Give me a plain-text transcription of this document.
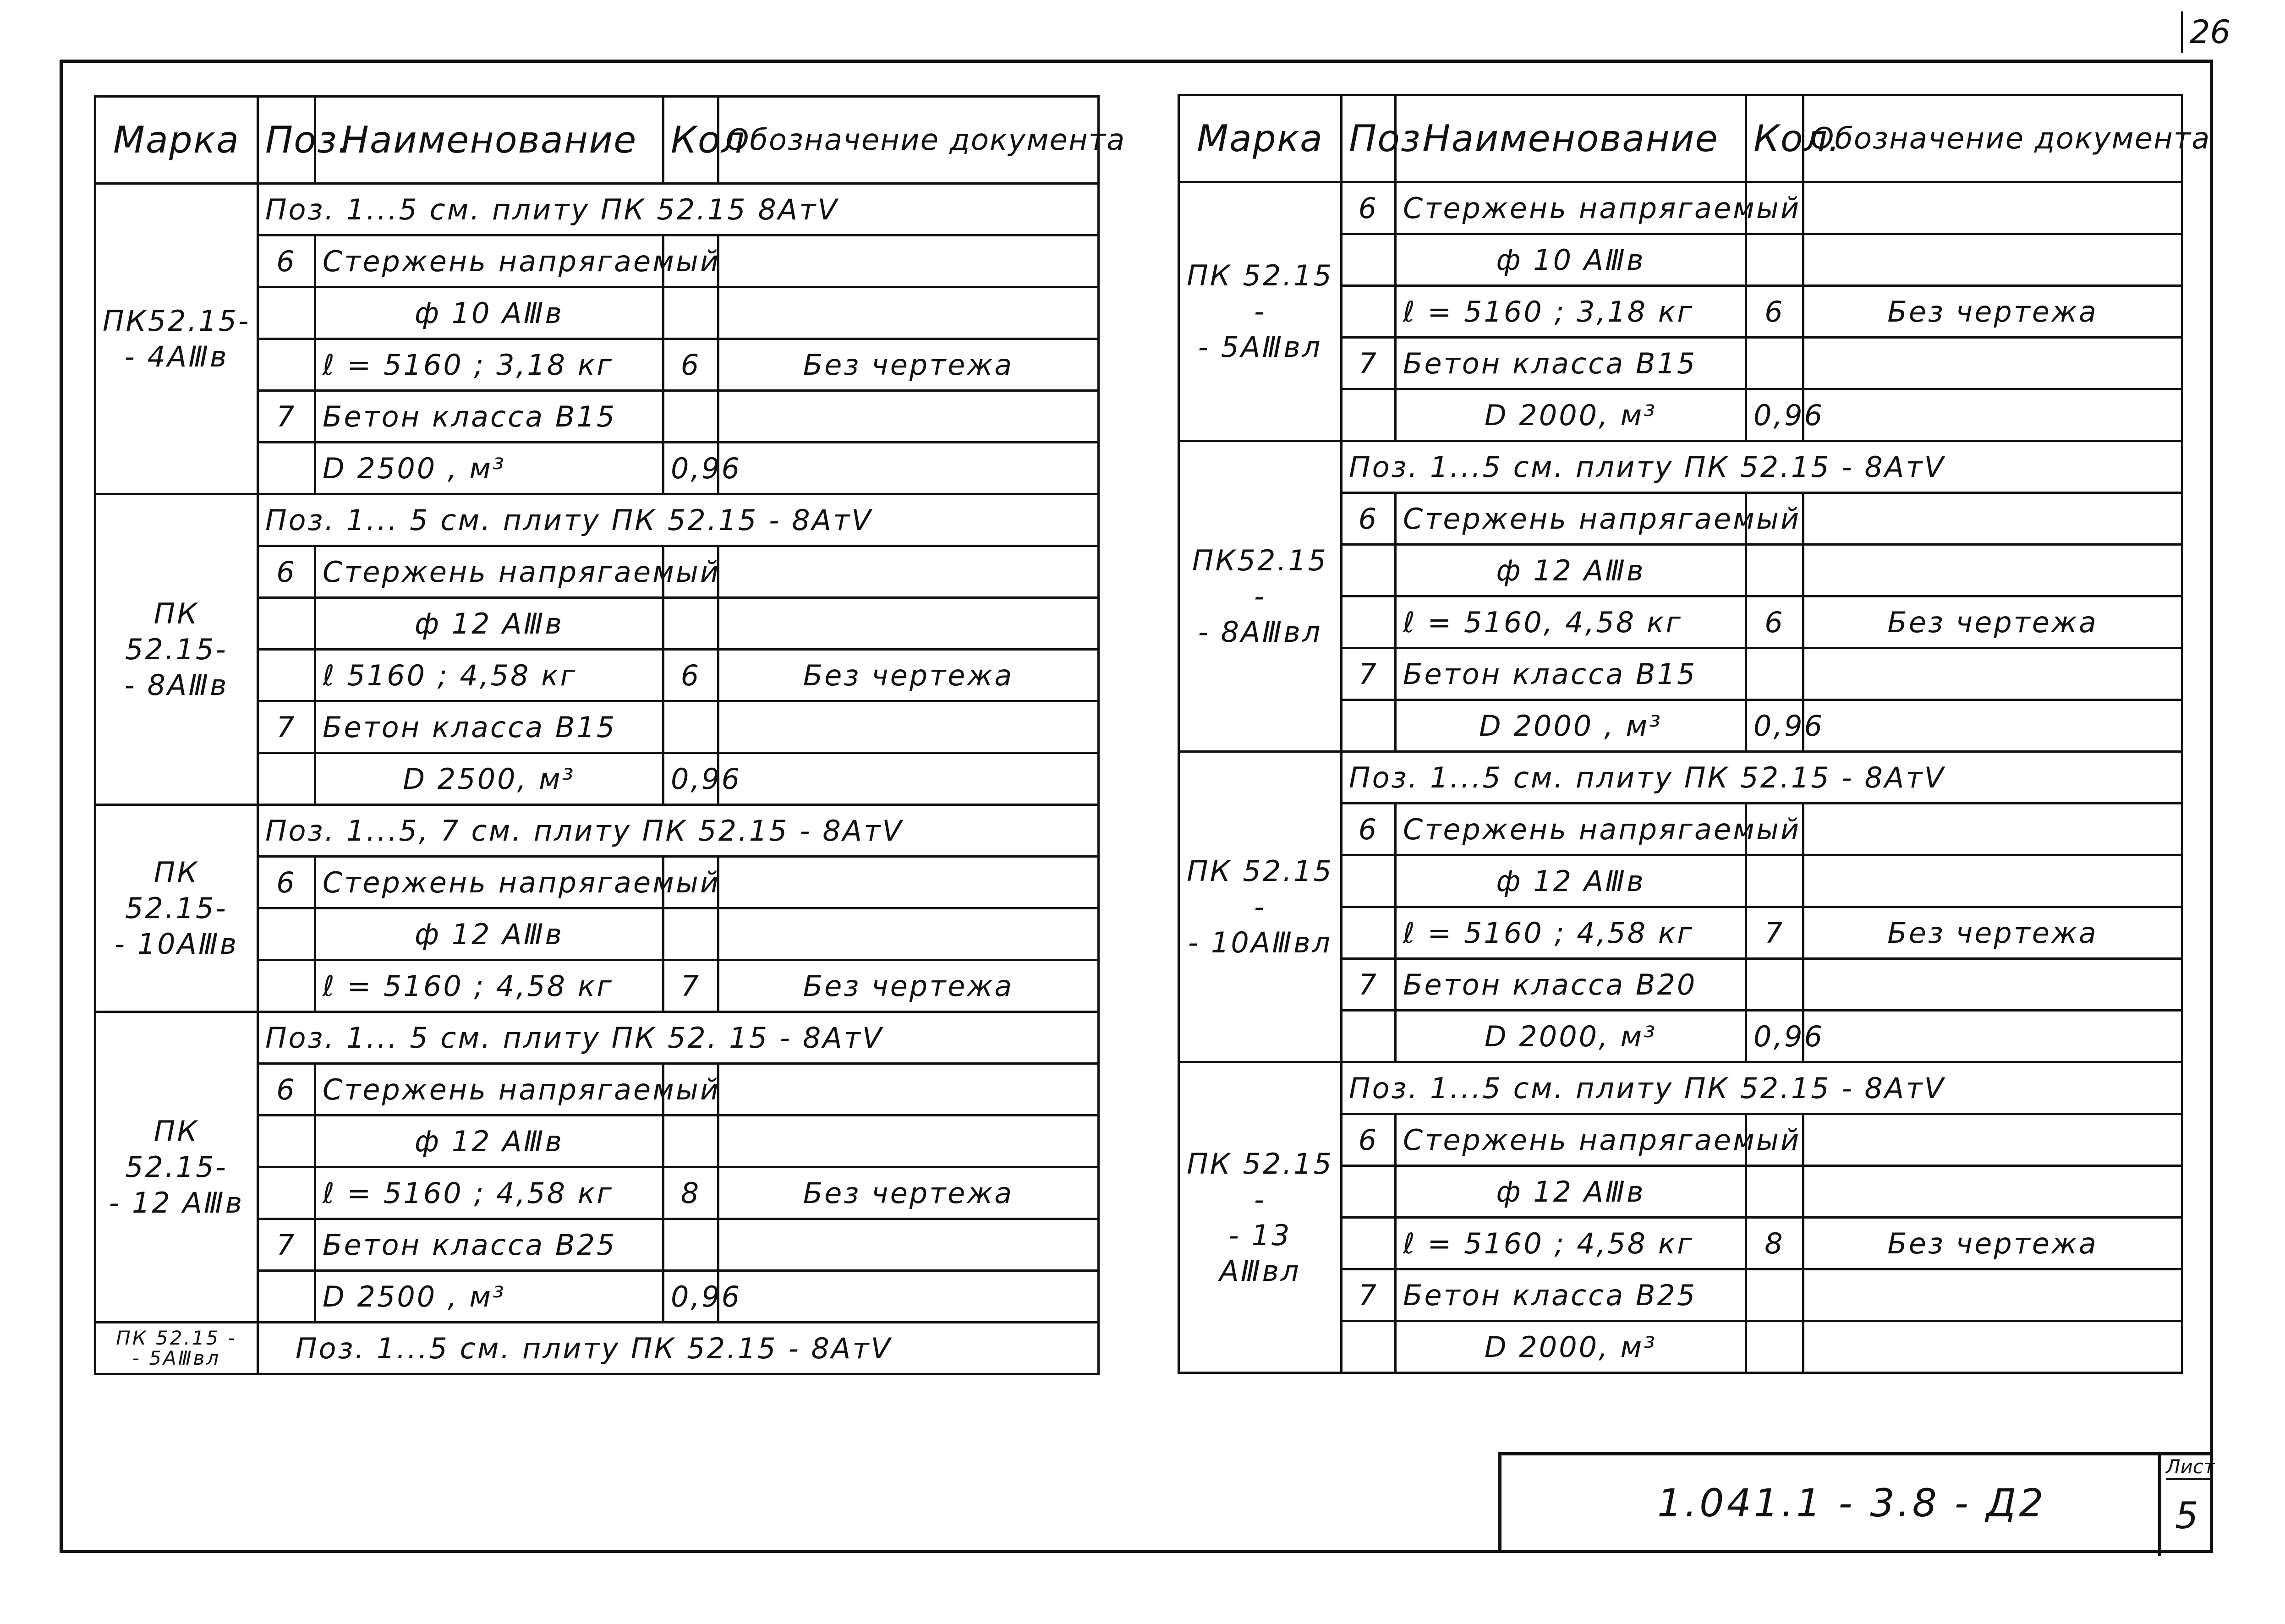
26
Марка	Поз.	Наименование	Кол	Обозначение документа
ПК52.15-
- 4АⅢв	Поз. 1...5 см. плиту ПК 52.15 8АтⅤ			
	6	Стержень напрягаемый		
		ф 10 АⅢв		
		ℓ = 5160 ; 3,18 кг	6	Без чертежа
	7	Бетон класса В15		
		D 2500 , м³	0,96	
ПК 52.15-
- 8АⅢв	Поз. 1... 5 см. плиту ПК 52.15 - 8АтⅤ			
	6	Стержень напрягаемый		
		ф 12 АⅢв		
		ℓ 5160 ; 4,58 кг	6	Без чертежа
	7	Бетон класса В15		
		D 2500, м³	0,96	
ПК 52.15-
- 10АⅢв	Поз. 1...5, 7 см. плиту ПК 52.15 - 8АтⅤ			
	6	Стержень напрягаемый		
		ф 12 АⅢв		
		ℓ = 5160 ; 4,58 кг	7	Без чертежа
ПК 52.15-
- 12 АⅢв	Поз. 1... 5 см. плиту ПК 52. 15 - 8АтⅤ			
	6	Стержень напрягаемый		
		ф 12 АⅢв		
		ℓ = 5160 ; 4,58 кг	8	Без чертежа
	7	Бетон класса В25		
		D 2500 , м³	0,96	
ПК 52.15 -
- 5АⅢвл	Поз. 1...5 см. плиту ПК 52.15 - 8АтⅤ			
Марка	Поз.	Наименование	Кол.	Обозначение документа
ПК 52.15 -
- 5АⅢвл	6	Стержень напрягаемый		
		ф 10 АⅢв		
		ℓ = 5160 ; 3,18 кг	6	Без чертежа
	7	Бетон класса В15		
		D 2000, м³	0,96	
ПК52.15 -
- 8АⅢвл	Поз. 1...5 см. плиту ПК 52.15 - 8АтⅤ			
	6	Стержень напрягаемый		
		ф 12 АⅢв		
		ℓ = 5160, 4,58 кг	6	Без чертежа
	7	Бетон класса В15		
		D 2000 , м³	0,96	
ПК 52.15 -
- 10АⅢвл	Поз. 1...5 см. плиту ПК 52.15 - 8АтⅤ			
	6	Стержень напрягаемый		
		ф 12 АⅢв		
		ℓ = 5160 ; 4,58 кг	7	Без чертежа
	7	Бетон класса В20		
		D 2000, м³	0,96	
ПК 52.15 -
- 13 АⅢвл	Поз. 1...5 см. плиту ПК 52.15 - 8АтⅤ			
	6	Стержень напрягаемый		
		ф 12 АⅢв		
		ℓ = 5160 ; 4,58 кг	8	Без чертежа
	7	Бетон класса В25		
		D 2000, м³		
1.041.1 - 3.8 - Д2
Лист
5
